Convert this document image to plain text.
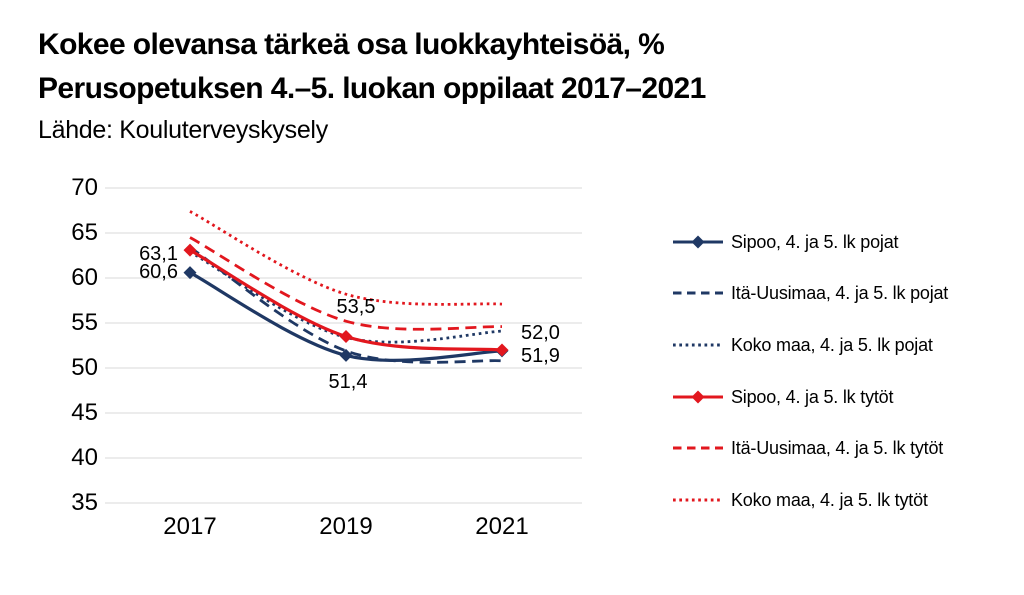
Kokee olevansa tärkeä osa luokkayhteisöä, %
Perusopetuksen 4.–5. luokan oppilaat 2017–2021
Lähde: Kouluterveyskysely
70
65
60
55
50
45
40
35
2017	2019	2021
63,1
60,6
53,5
51,4
52,0
51,9
Sipoo, 4. ja 5. lk pojat
Itä-Uusimaa, 4. ja 5. lk pojat
Koko maa, 4. ja 5. lk pojat
Sipoo, 4. ja 5. lk tytöt
Itä-Uusimaa, 4. ja 5. lk tytöt
Koko maa, 4. ja 5. lk tytöt
